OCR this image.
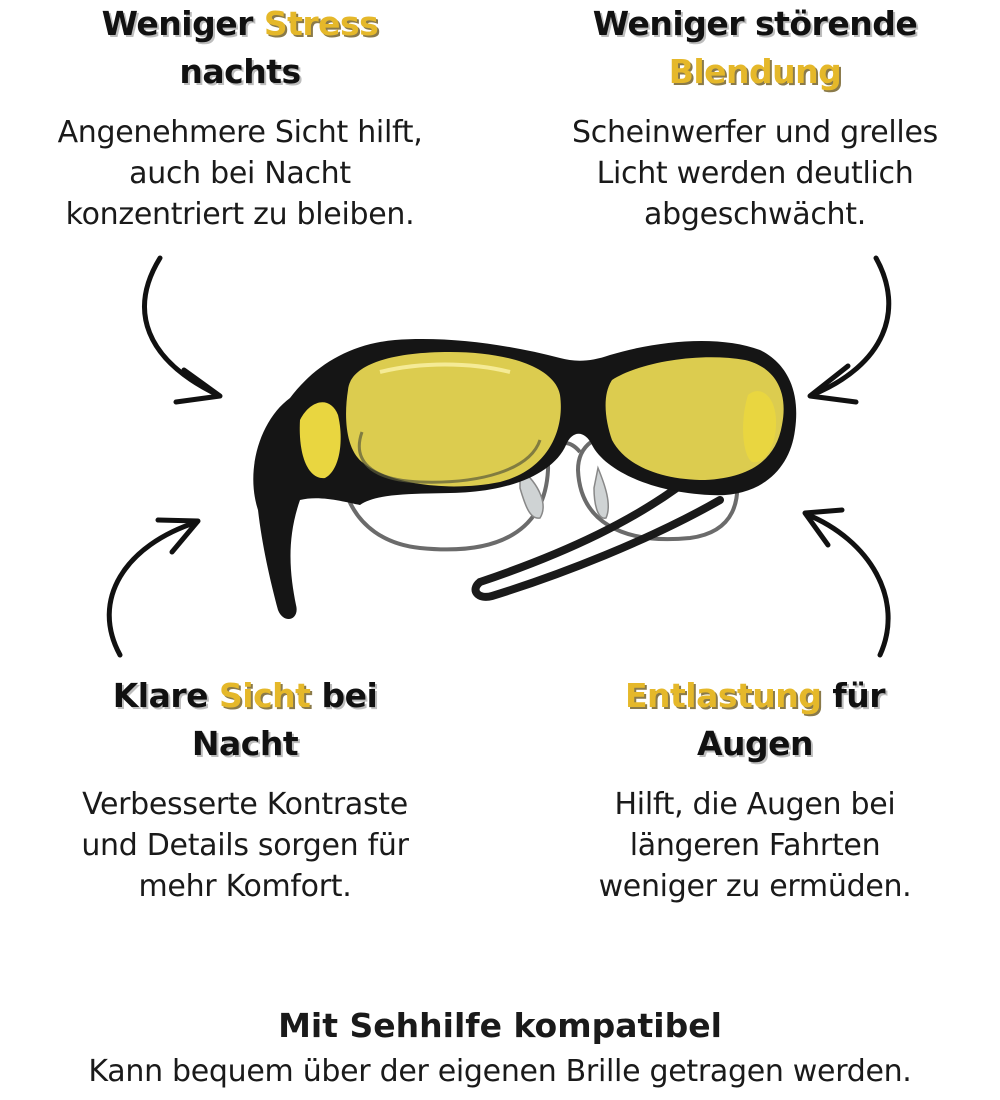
Weniger Stress
nachts
Angenehmere Sicht hilft,
auch bei Nacht
konzentriert zu bleiben.
Weniger störende
Blendung
Scheinwerfer und grelles
Licht werden deutlich
abgeschwächt.
Klare Sicht bei
Nacht
Verbesserte Kontraste
und Details sorgen für
mehr Komfort.
Entlastung für
Augen
Hilft, die Augen bei
längeren Fahrten
weniger zu ermüden.
Mit Sehhilfe kompatibel
Kann bequem über der eigenen Brille getragen werden.
